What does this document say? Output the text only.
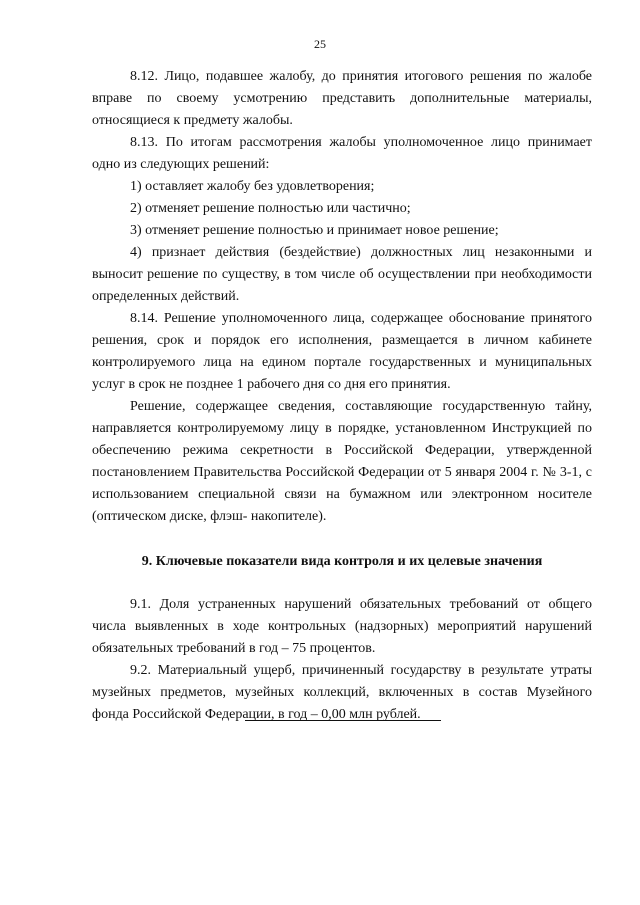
25

8.12. Лицо, подавшее жалобу, до принятия итогового решения по жалобе вправе по своему усмотрению представить дополнительные материалы, относящиеся к предмету жалобы.

8.13. По итогам рассмотрения жалобы уполномоченное лицо принимает одно из следующих решений:

1) оставляет жалобу без удовлетворения;

2) отменяет решение полностью или частично;

3) отменяет решение полностью и принимает новое решение;

4) признает действия (бездействие) должностных лиц незаконными и выносит решение по существу, в том числе об осуществлении при необходимости определенных действий.

8.14. Решение уполномоченного лица, содержащее обоснование принятого решения, срок и порядок его исполнения, размещается в личном кабинете контролируемого лица на едином портале государственных и муниципальных услуг в срок не позднее 1 рабочего дня со дня его принятия.

Решение, содержащее сведения, составляющие государственную тайну, направляется контролируемому лицу в порядке, установленном Инструкцией по обеспечению режима секретности в Российской Федерации, утвержденной постановлением Правительства Российской Федерации от 5 января 2004 г. № 3-1, с использованием специальной связи на бумажном или электронном носителе (оптическом диске, флэш- накопителе).

9. Ключевые показатели вида контроля и их целевые значения

9.1. Доля устраненных нарушений обязательных требований от общего числа выявленных в ходе контрольных (надзорных) мероприятий нарушений обязательных требований в год – 75 процентов.

9.2. Материальный ущерб, причиненный государству в результате утраты музейных предметов, музейных коллекций, включенных в состав Музейного фонда Российской Федерации, в год – 0,00 млн рублей.
